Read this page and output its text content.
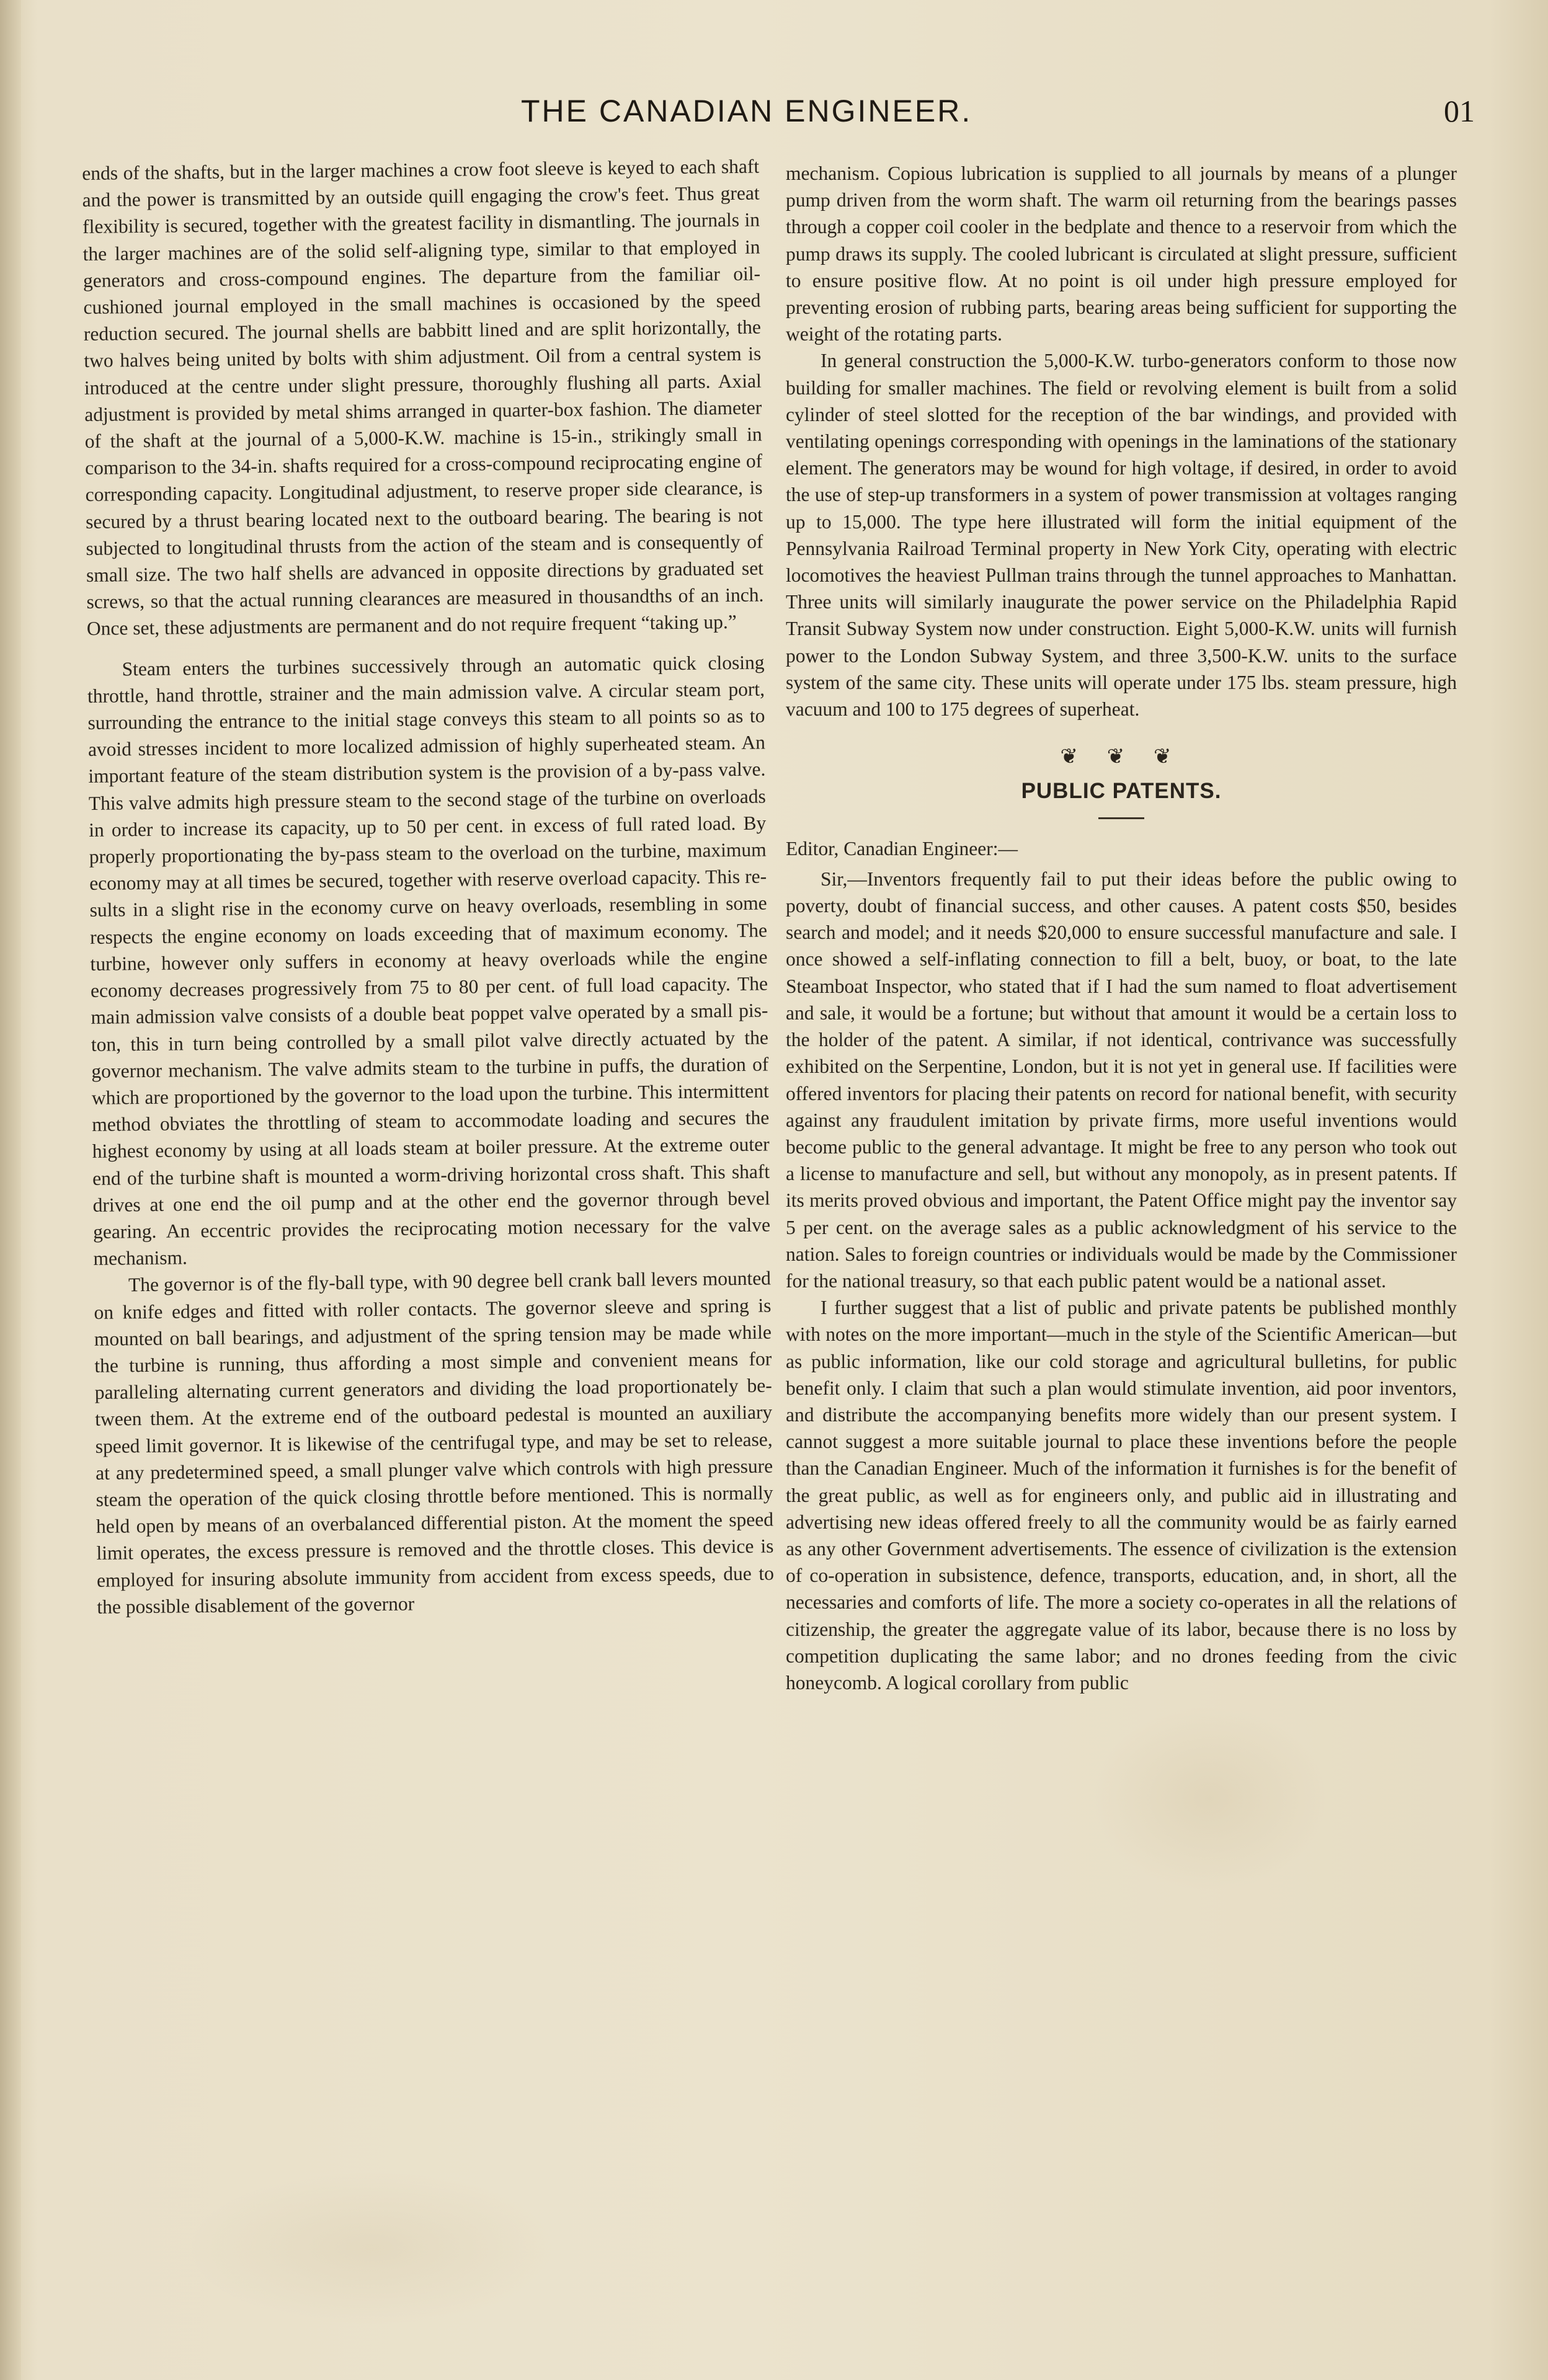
THE CANADIAN ENGINEER.	01

ends of the shafts, but in the larger machines a crow foot sleeve is keyed to each shaft and the power is transmitted by an outside quill engaging the crow's feet. Thus great flexibility is secured, together with the greatest facility in dismantling. The journals in the larger machines are of the solid self-aligning type, similar to that employed in generators and cross-compound engines. The departure from the familiar oil-cushioned journal employed in the small machines is occasioned by the speed reduction secured. The journal shells are babbitt lined and are split horizontally, the two halves being united by bolts with shim adjustment. Oil from a central system is introduced at the centre under slight pressure, thoroughly flushing all parts. Axial adjustment is provided by metal shims arranged in quarter-box fashion. The diameter of the shaft at the journal of a 5,000-K.W. machine is 15-in., strikingly small in comparison to the 34-in. shafts required for a cross-compound reciprocating engine of corresponding capacity. Longitudinal adjustment, to reserve proper side clearance, is secured by a thrust bearing located next to the outboard bearing. The bearing is not subjected to longitudinal thrusts from the action of the steam and is consequently of small size. The two half shells are advanced in opposite directions by graduated set screws, so that the actual running clearances are measured in thousandths of an inch. Once set, these adjustments are permanent and do not require frequent “taking up.”

Steam enters the turbines successively through an automatic quick closing throttle, hand throttle, strainer and the main admission valve. A circular steam port, surrounding the entrance to the initial stage conveys this steam to all points so as to avoid stresses incident to more localized admission of highly superheated steam. An important feature of the steam distribution system is the provision of a by-pass valve. This valve admits high pressure steam to the second stage of the turbine on overloads in order to increase its capacity, up to 50 per cent. in excess of full rated load. By properly proportionating the by-pass steam to the overload on the turbine, maximum economy may at all times be secured, together with reserve overload capacity. This results in a slight rise in the economy curve on heavy overloads, resembling in some respects the engine economy on loads exceeding that of maximum economy. The turbine, however only suffers in economy at heavy overloads while the engine economy decreases progressively from 75 to 80 per cent. of full load capacity. The main admission valve consists of a double beat poppet valve operated by a small piston, this in turn being controlled by a small pilot valve directly actuated by the governor mechanism. The valve admits steam to the turbine in puffs, the duration of which are proportioned by the governor to the load upon the turbine. This intermittent method obviates the throttling of steam to accommodate loading and secures the highest economy by using at all loads steam at boiler pressure. At the extreme outer end of the turbine shaft is mounted a worm-driving horizontal cross shaft. This shaft drives at one end the oil pump and at the other end the governor through bevel gearing. An eccentric provides the reciprocating motion necessary for the valve mechanism.

The governor is of the fly-ball type, with 90 degree bell crank ball levers mounted on knife edges and fitted with roller contacts. The governor sleeve and spring is mounted on ball bearings, and adjustment of the spring tension may be made while the turbine is running, thus affording a most simple and convenient means for paralleling alternating current generators and dividing the load proportionately between them. At the extreme end of the outboard pedestal is mounted an auxiliary speed limit governor. It is likewise of the centrifugal type, and may be set to release, at any predetermined speed, a small plunger valve which controls with high pressure steam the operation of the quick closing throttle before mentioned. This is normally held open by means of an overbalanced differential piston. At the moment the speed limit operates, the excess pressure is removed and the throttle closes. This device is employed for insuring absolute immunity from accident from excess speeds, due to the possible disablement of the governor

mechanism. Copious lubrication is supplied to all journals by means of a plunger pump driven from the worm shaft. The warm oil returning from the bearings passes through a copper coil cooler in the bedplate and thence to a reservoir from which the pump draws its supply. The cooled lubricant is circulated at slight pressure, sufficient to ensure positive flow. At no point is oil under high pressure employed for preventing erosion of rubbing parts, bearing areas being sufficient for supporting the weight of the rotating parts.

In general construction the 5,000-K.W. turbo-generators conform to those now building for smaller machines. The field or revolving element is built from a solid cylinder of steel slotted for the reception of the bar windings, and provided with ventilating openings corresponding with openings in the laminations of the stationary element. The generators may be wound for high voltage, if desired, in order to avoid the use of step-up transformers in a system of power transmission at voltages ranging up to 15,000. The type here illustrated will form the initial equipment of the Pennsylvania Railroad Terminal property in New York City, operating with electric locomotives the heaviest Pullman trains through the tunnel approaches to Manhattan. Three units will similarly inaugurate the power service on the Philadelphia Rapid Transit Subway System now under construction. Eight 5,000-K.W. units will furnish power to the London Subway System, and three 3,500-K.W. units to the surface system of the same city. These units will operate under 175 lbs. steam pressure, high vacuum and 100 to 175 degrees of superheat.

❦ ❦ ❦

PUBLIC PATENTS.

Editor, Canadian Engineer:—

Sir,—Inventors frequently fail to put their ideas before the public owing to poverty, doubt of financial success, and other causes. A patent costs $50, besides search and model; and it needs $20,000 to ensure successful manufacture and sale. I once showed a self-inflating connection to fill a belt, buoy, or boat, to the late Steamboat Inspector, who stated that if I had the sum named to float advertisement and sale, it would be a fortune; but without that amount it would be a certain loss to the holder of the patent. A similar, if not identical, contrivance was successfully exhibited on the Serpentine, London, but it is not yet in general use. If facilities were offered inventors for placing their patents on record for national benefit, with security against any fraudulent imitation by private firms, more useful inventions would become public to the general advantage. It might be free to any person who took out a license to manufacture and sell, but without any monopoly, as in present patents. If its merits proved obvious and important, the Patent Office might pay the inventor say 5 per cent. on the average sales as a public acknowledgment of his service to the nation. Sales to foreign countries or individuals would be made by the Commissioner for the national treasury, so that each public patent would be a national asset.

I further suggest that a list of public and private patents be published monthly with notes on the more important—much in the style of the Scientific American—but as public information, like our cold storage and agricultural bulletins, for public benefit only. I claim that such a plan would stimulate invention, aid poor inventors, and distribute the accompanying benefits more widely than our present system. I cannot suggest a more suitable journal to place these inventions before the people than the Canadian Engineer. Much of the information it furnishes is for the benefit of the great public, as well as for engineers only, and public aid in illustrating and advertising new ideas offered freely to all the community would be as fairly earned as any other Government advertisements. The essence of civilization is the extension of co-operation in subsistence, defence, transports, education, and, in short, all the necessaries and comforts of life. The more a society co-operates in all the relations of citizenship, the greater the aggregate value of its labor, because there is no loss by competition duplicating the same labor; and no drones feeding from the civic honeycomb. A logical corollary from public
